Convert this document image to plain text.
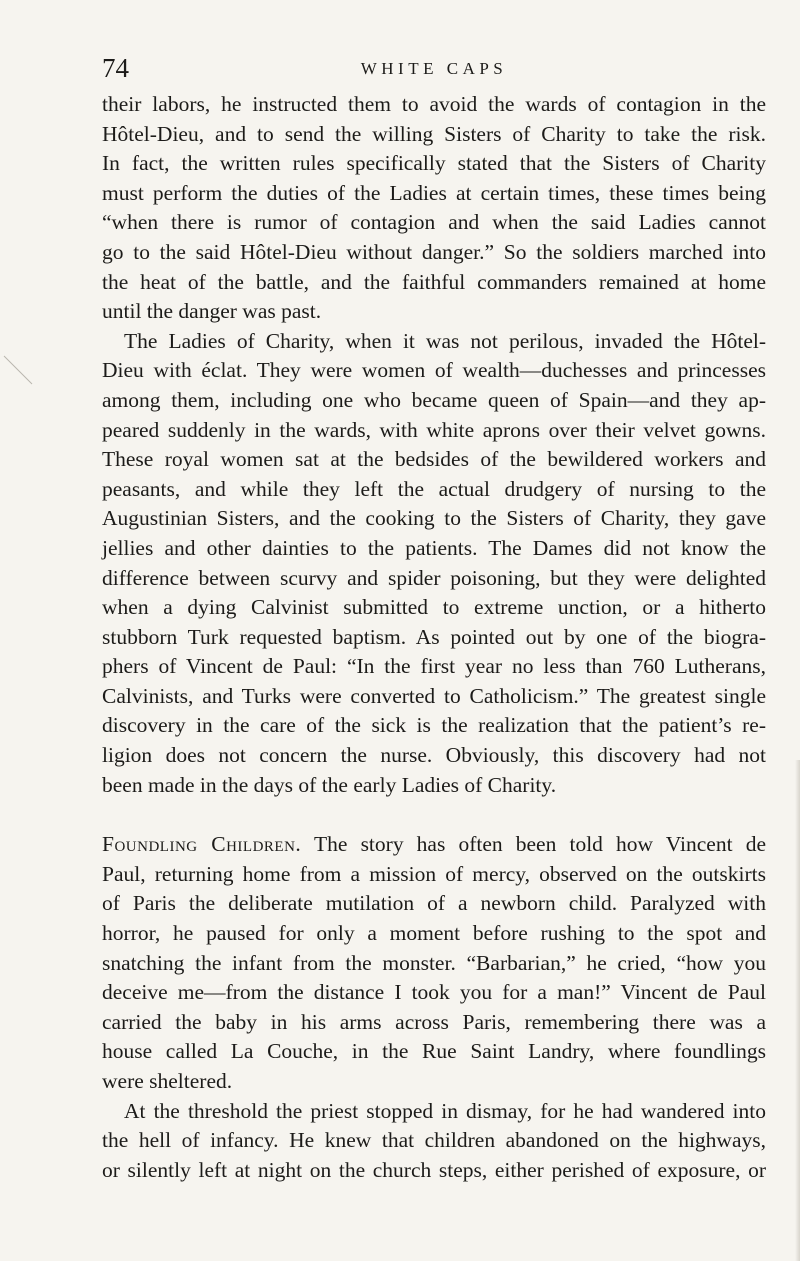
74	WHITE CAPS
their labors, he instructed them to avoid the wards of contagion in the
Hôtel-Dieu, and to send the willing Sisters of Charity to take the risk.
In fact, the written rules specifically stated that the Sisters of Charity
must perform the duties of the Ladies at certain times, these times being
“when there is rumor of contagion and when the said Ladies cannot
go to the said Hôtel-Dieu without danger.” So the soldiers marched into
the heat of the battle, and the faithful commanders remained at home
until the danger was past.
The Ladies of Charity, when it was not perilous, invaded the Hôtel-
Dieu with éclat. They were women of wealth—duchesses and princesses
among them, including one who became queen of Spain—and they ap-
peared suddenly in the wards, with white aprons over their velvet gowns.
These royal women sat at the bedsides of the bewildered workers and
peasants, and while they left the actual drudgery of nursing to the
Augustinian Sisters, and the cooking to the Sisters of Charity, they gave
jellies and other dainties to the patients. The Dames did not know the
difference between scurvy and spider poisoning, but they were delighted
when a dying Calvinist submitted to extreme unction, or a hitherto
stubborn Turk requested baptism. As pointed out by one of the biogra-
phers of Vincent de Paul: “In the first year no less than 760 Lutherans,
Calvinists, and Turks were converted to Catholicism.” The greatest single
discovery in the care of the sick is the realization that the patient’s re-
ligion does not concern the nurse. Obviously, this discovery had not
been made in the days of the early Ladies of Charity.
Foundling Children. The story has often been told how Vincent de
Paul, returning home from a mission of mercy, observed on the outskirts
of Paris the deliberate mutilation of a newborn child. Paralyzed with
horror, he paused for only a moment before rushing to the spot and
snatching the infant from the monster. “Barbarian,” he cried, “how you
deceive me—from the distance I took you for a man!” Vincent de Paul
carried the baby in his arms across Paris, remembering there was a
house called La Couche, in the Rue Saint Landry, where foundlings
were sheltered.
At the threshold the priest stopped in dismay, for he had wandered into
the hell of infancy. He knew that children abandoned on the highways,
or silently left at night on the church steps, either perished of exposure, or
